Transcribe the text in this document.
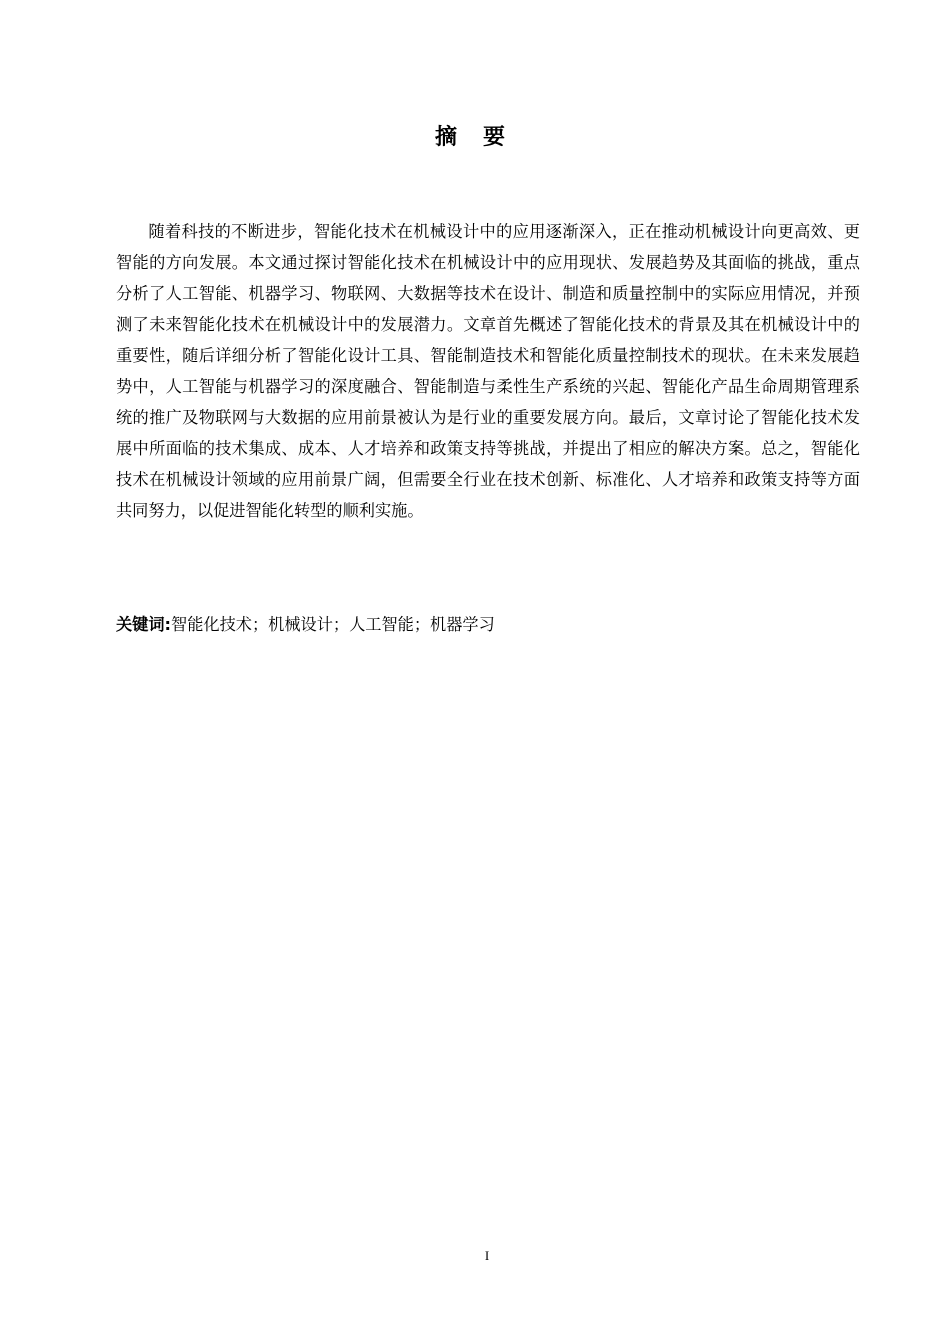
摘要

随着科技的不断进步，智能化技术在机械设计中的应用逐渐深入，正在推动机械设计向更高效、更智能的方向发展。本文通过探讨智能化技术在机械设计中的应用现状、发展趋势及其面临的挑战，重点分析了人工智能、机器学习、物联网、大数据等技术在设计、制造和质量控制中的实际应用情况，并预测了未来智能化技术在机械设计中的发展潜力。文章首先概述了智能化技术的背景及其在机械设计中的重要性，随后详细分析了智能化设计工具、智能制造技术和智能化质量控制技术的现状。在未来发展趋势中，人工智能与机器学习的深度融合、智能制造与柔性生产系统的兴起、智能化产品生命周期管理系统的推广及物联网与大数据的应用前景被认为是行业的重要发展方向。最后，文章讨论了智能化技术发展中所面临的技术集成、成本、人才培养和政策支持等挑战，并提出了相应的解决方案。总之，智能化技术在机械设计领域的应用前景广阔，但需要全行业在技术创新、标准化、人才培养和政策支持等方面共同努力，以促进智能化转型的顺利实施。

关键词:智能化技术；机械设计；人工智能；机器学习
I
